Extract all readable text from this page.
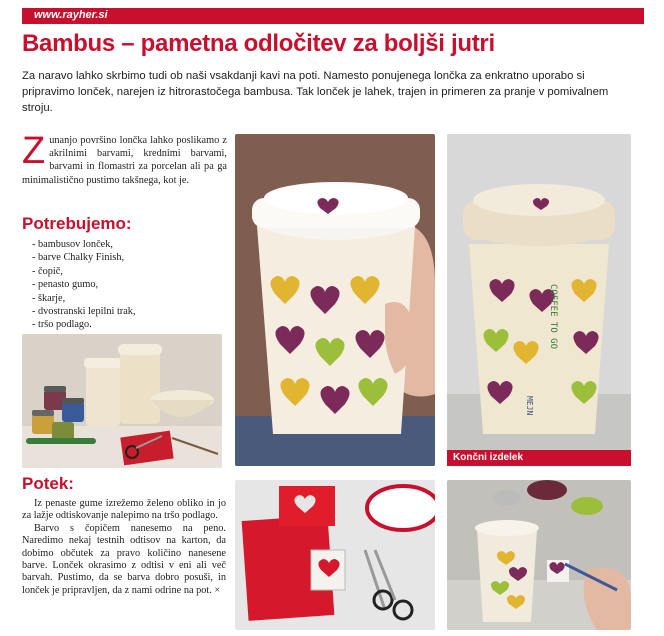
www.rayher.si
Bambus – pametna odločitev za boljši jutri
Za naravo lahko skrbimo tudi ob naši vsakdanji kavi na poti. Namesto ponujenega lončka za enkratno uporabo si pripravimo lonček, narejen iz hitrorastočega bambusa. Tak lonček je lahek, trajen in primeren za pranje v pomivalnem stroju.
Zunanjo površino lončka lahko poslikamo z akrilnimi barvami, krednimi barvami, barvami in flomastri za porcelan ali pa ga minimalistično pustimo takšnega, kot je.
Potrebujemo:
- bambusov lonček,
- barve Chalky Finish,
- čopič,
- penasto gumo,
- škarje,
- dvostranski lepilni trak,
- tršo podlago.
Potek:

Iz penaste gume izrežemo želeno obliko in jo za lažje odtiskovanje nalepimo na tršo podlago.

Barvo s čopičem nanesemo na peno. Naredimo nekaj testnih odtisov na karton, da dobimo občutek za pravo količino nanesene barve. Lonček okrasimo z odtisi v eni ali več barvah. Pustimo, da se barva dobro posuši, in lonček je pripravljen, da z nami odrine na pot. ×

COFFEE TO GO
MEJN
Končni izdelek
